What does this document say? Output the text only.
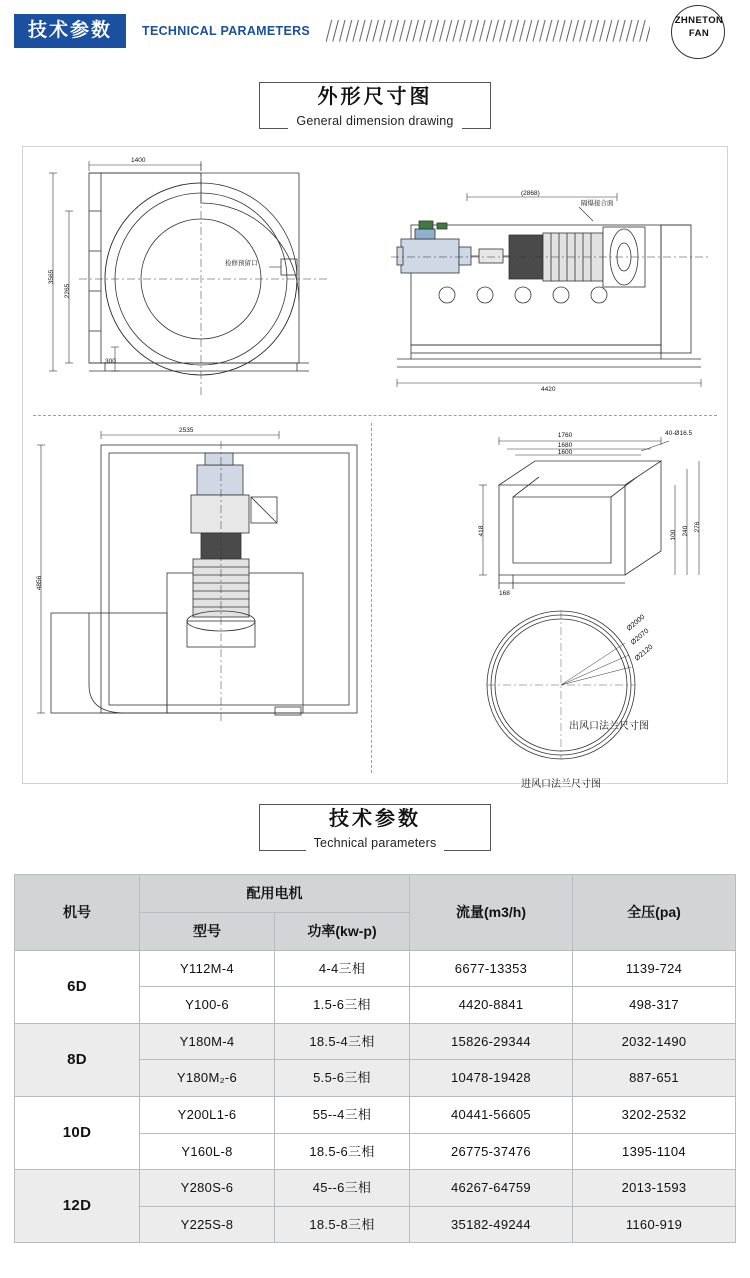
技术参数	TECHNICAL PARAMETERS
ZHNETON
FAN
外形尺寸图
General dimension drawing
1400
3565
2265
300
检修预留口
(2868)
4420
隔爆接合面
2535
4856
1760
1680
1600
40-Ø16.5
418	100 240 276
168
Ø2000
Ø2070
Ø2120
出风口法兰尺寸图
进风口法兰尺寸图
技术参数
Technical parameters
机号	配用电机		流量(m3/h)	全压(pa)
	型号	功率(kw-p)		
6D	Y112M-4	4-4三相	6677-13353	1139-724
	Y100-6	1.5-6三相	4420-8841	498-317
8D	Y180M-4	18.5-4三相	15826-29344	2032-1490
	Y180M₂-6	5.5-6三相	10478-19428	887-651
10D	Y200L1-6	55--4三相	40441-56605	3202-2532
	Y160L-8	18.5-6三相	26775-37476	1395-1104
12D	Y280S-6	45--6三相	46267-64759	2013-1593
	Y225S-8	18.5-8三相	35182-49244	1160-919
